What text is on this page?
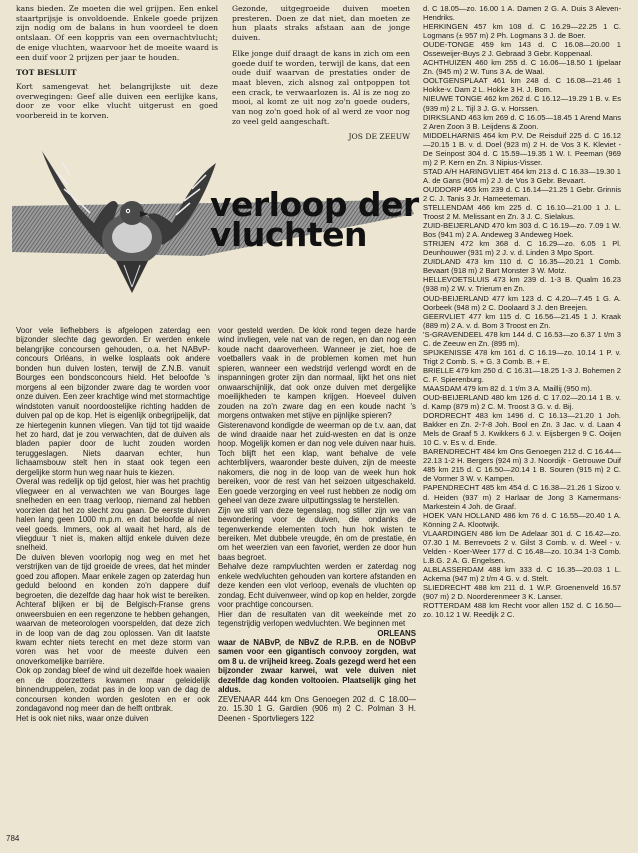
kans bieden. Ze moeten die wel grijpen. Een enkel staartprijsje is onvoldoende. Enkele goede prijzen zijn nodig om de balans in hun voordeel te doen ontslaan. Of een koppris van een overnachtvlucht; de enige vluchten, waarvoor het de moeite waard is een duif voor 2 prijzen per jaar te houden.

TOT BESLUIT

Kort samengevat het belangrijkste uit deze overwegingen: Geef alle duiven een eerlijke kans, door ze voor elke vlucht uitgerust en goed voorbereid in te korven.

Gezonde, uitgegroeide duiven moeten presteren. Doen ze dat niet, dan moeten ze hun plaats straks afstaan aan de jonge duiven.

Elke jonge duif draagt de kans in zich om een goede duif te worden, terwijl de kans, dat een oude duif waarvan de prestaties onder de maat bleven, zich alsnog zal ontpoppen tot een crack, te verwaarlozen is. Al is ze nog zo mooi, al komt ze uit nog zo'n goede ouders, van nog zo'n goed hok of al werd ze voor nog zo veel geld aangeschaft.

JOS DE ZEEUW
verloop der
vluchten

Voor vele liefhebbers is afgelopen zaterdag een bijzonder slechte dag geworden. Er werden enkele belangrijke concoursen gehouden, o.a. het NABvP-concours Orléans, in welke losplaats ook andere bonden hun duiven losten, terwijl de Z.N.B. vanuit Bourges een bondsconcours hield. Het beloofde 's morgens al een bijzonder zware dag te worden voor onze duiven. Een zeer krachtige wind met stormachtige windstoten vanuit noordoostelijke richting hadden de duiven pal op de kop. Het is eigenlijk onbegrijpelijk, dat ze hiertegenin kunnen vliegen. Van tijd tot tijd waaide het zo hard, dat je zou verwachten, dat de duiven als bladen papier door de lucht zouden worden teruggeslagen. Niets daarvan echter, hun lichaamsbouw stelt hen in staat ook tegen een dergelijke storm hun weg naar huis te kiezen.

Overal was redelijk op tijd gelost, hier was het prachtig vliegweer en al verwachten we van Bourges lage snelheden en een traag verloop, niemand zal hebben voorzien dat het zo slecht zou gaan. De eerste duiven halen lang geen 1000 m.p.m. en dat beloofde al niet veel goeds. Immers, ook al waait het hard, als de vliegduur 't niet is, maken altijd enkele duiven deze snelheid.

De duiven bleven voorlopig nog weg en met het verstrijken van de tijd groeide de vrees, dat het minder goed zou aflopen. Maar enkele zagen op zaterdag hun geduld beloond en konden zo'n dappere duif begroeten, die dezelfde dag haar hok wist te bereiken. Achteraf blijken er bij de Belgisch-Franse grens onweersbuien en een regenzone te hebben gehangen, waarvan de meteorologen voorspelden, dat deze zich in de loop van de dag zou oplossen. Van dit laatste kwam echter niets terecht en met deze storm van voren was het voor de meeste duiven een onoverkomelijke barrière.

Ook op zondag bleef de wind uit dezelfde hoek waaien en de doorzetters kwamen maar geleidelijk binnendruppelen, zodat pas in de loop van de dag de concoursen konden worden gesloten en er ook zondagavond nog meer dan de helft ontbrak.

Het is ook niet niks, waar onze duiven

voor gesteld werden. De klok rond tegen deze harde wind invliegen, vele nat van de regen, en dan nog een koude nacht daaroverheen. Wanneer je ziet, hoe de voetballers vaak in de problemen komen met hun spieren, wanneer een wedstrijd verlengd wordt en de inspanningen groter zijn dan normaal, lijkt het ons niet onwaarschijnlijk, dat ook onze duiven met dergelijke moeilijkheden te kampen krijgen. Hoeveel duiven zouden na zo'n zware dag en een koude nacht 's morgens ontwaken met stijve en pijnlijke spieren?

Gisterenavond kondigde de weerman op de t.v. aan, dat de wind draaide naar het zuid-westen en dat is onze hoop. Mogelijk komen er dan nog vele duiven naar huis. Toch blijft het een klap, want behalve de vele achterblijvers, waaronder beste duiven, zijn de meeste nakomers, die nog in de loop van de week hun hok bereiken, voor de rest van het seizoen uitgeschakeld. Een goede verzorging en veel rust hebben ze nodig om geheel van deze zware uitputtingsslag te herstellen.

Zijn we stil van deze tegenslag, nog stiller zijn we van bewondering voor de duiven, die ondanks de tegenwerkende elementen toch hun hok wisten te bereiken. Met dubbele vreugde, én om de prestatie, én om het weerzien van een favoriet, werden ze door hun baas begroet.

Behalve deze rampvluchten werden er zaterdag nog enkele wedvluchten gehouden van kortere afstanden en deze kenden een vlot verloop, evenals de vluchten op zondag. Echt duivenweer, wind op kop en helder, zorgde voor prachtige concoursen.

Hier dan de resultaten van dit weekeinde met zo tegenstrijdig verlopen wedvluchten. We beginnen met

ORLEANS

waar de NABvP, de NBvZ de R.P.B. en de NOBvP samen voor een gigantisch convooy zorgden, wat om 8 u. de vrijheid kreeg. Zoals gezegd werd het een bijzonder zwaar karwei, wat vele duiven niet dezelfde dag konden voltooien. Plaatselijk ging het aldus.

ZEVENAAR 444 km Ons Genoegen 202 d. C 18.00—zo. 15.30 1 G. Gardien (906 m) 2 C. Polman 3 H. Deenen - Sportvliegers 122

d. C 18.05—zo. 16.00 1 A. Damen 2 G. A. Duis 3 Aleven-Hendriks.

HERKINGEN 457 km 108 d. C 16.29—22.25 1 C. Logmans (± 957 m) 2 Ph. Logmans 3 J. de Boer.

OUDE-TONGE 459 km 143 d. C 16.08—20.00 1 Osseweijer-Buys 2 J. Gebraad 3 Gebr. Koppenaal.

ACHTHUIZEN 460 km 255 d. C 16.06—18.50 1 Ijpelaar Zn. (945 m) 2 W. Tuns 3 A. de Waal.

OOLTGENSPLAAT 461 km 248 d. C 16.08—21.46 1 Hokke-v. Dam 2 L. Hokke 3 H. J. Bom.

NIEUWE TONGE 462 km 262 d. C 16.12—19.29 1 B. v. Es (939 m) 2 L. Tijl 3 J. G. v. Horssen.

DIRKSLAND 463 km 269 d. C 16.05—18.45 1 Arend Mans 2 Aren Zoon 3 B. Leijdens & Zoon.

MIDDELHARNIS 464 km P.V. De Reisduif 225 d. C 16.12—20.15 1 B. v. d. Doel (923 m) 2 H. de Vos 3 K. Kleviet - De Seinpost 304 d. C 15.59—19.35 1 W. I. Peeman (969 m) 2 P. Kern en Zn. 3 Nipius-Visser.

STAD A/H HARINGVLIET 464 km 213 d. C 16.33—19.30 1 A. de Gans (904 m) 2 J. de Vos 3 Gebr. Bevaart.

OUDDORP 465 km 239 d. C 16.14—21.25 1 Gebr. Grinnis 2 C. J. Tanis 3 Jr. Hameeteman.

STELLENDAM 466 km 225 d. C 16.10—21.00 1 J. L. Troost 2 M. Melissant en Zn. 3 J. C. Sielakus.

ZUID-BEIJERLAND 470 km 303 d. C 16.19—zo. 7.09 1 W. Bos (941 m) 2 A. Andeweg 3 Andeweg Hoek.

STRIJEN 472 km 368 d. C 16.29—zo. 6.05 1 Pl. Deunhouwer (931 m) 2 J. v. d. Linden 3 Mpo Sport.

ZUIDLAND 473 km 110 d. C 16.35—20.21 1 Comb. Bevaart (918 m) 2 Bart Monster 3 W. Motz.

HELLEVOETSLUIS 473 km 239 d. 1-3 B. Qualm 16.23 (938 m) 2 W. v. Trierum en Zn.

OUD-BEIJERLAND 477 km 123 d. C 4.20—7.45 1 G. A. Oorbeek (948 m) 2 C. Doolaard 3 J. den Breejen.

GEERVLIET 477 km 115 d. C 16.56—21.45 1 J. Kraak (889 m) 2 A. v. d. Bom 3 Troost en Zn.

'S-GRAVENDEEL 478 km 144 d. C 16.53—zo 6.37 1 t/m 3 C. de Zeeuw en Zn. (895 m).

SPIJKENISSE 478 km 161 d. C 16.19—zo. 10.14 1 P. v. Trigt 2 Comb. S. + G. 3 Comb. B. + E.

BRIELLE 479 km 250 d. C 16.31—18.25 1-3 J. Bohemen 2 C. F. Spierenburg.

MAASDAM 479 km 82 d. 1 t/m 3 A. Maillij (950 m).

OUD-BEIJERLAND 480 km 126 d. C 17.02—20.14 1 B. v. d. Kamp (879 m) 2 C. M. Troost 3 G. v. d. Bij.

DORDRECHT 483 km 1496 d. C 16.13—21.20 1 Joh. Bakker en Zn. 2-7-8 Joh. Bool en Zn. 3 Jac. v. d. Laan 4 Mels de Graaf 5 J. Kwikkers 6 J. v. Eijsbergen 9 C. Ooijen 10 C. v. Es v. d. Ende.

BARENDRECHT 484 km Ons Genoegen 212 d. C 16.44—22.13 1-2 H. Bergers (924 m) 3 J. Noordijk - Getrouwe Duif 485 km 215 d. C 16.50—20.14 1 B. Souren (915 m) 2 C. de Vormer 3 W. v. Kampen.

PAPENDRECHT 485 km 454 d. C 16.38—21.26 1 Sizoo v. d. Heiden (937 m) 2 Harlaar de Jong 3 Kamermans-Markestein 4 Joh. de Graaf.

HOEK VAN HOLLAND 486 km 76 d. C 16.55—20.40 1 A. Könning 2 A. Klootwijk.

VLAARDINGEN 486 km De Adelaar 301 d. C 16.42—zo. 07.30 1 M. Berrevoets 2 v. Gilst 3 Comb. v. d. Weel - v. Velden - Koer-Weer 177 d. C 16.48—zo. 10.34 1-3 Comb. L.B.G. 2 A. G. Engelsen.

ALBLASSERDAM 488 km 333 d. C 16.35—20.03 1 L. Ackema (947 m) 2 t/m 4 G. v. d. Stelt.

SLIEDRECHT 488 km 211 d. 1 W.P. Groenenveld 16.57 (907 m) 2 D. Noorderenmeer 3 K. Lanser.

ROTTERDAM 488 km Recht voor allen 152 d. C 16.50—zo. 10.12 1 W. Reedijk 2 C.

784
